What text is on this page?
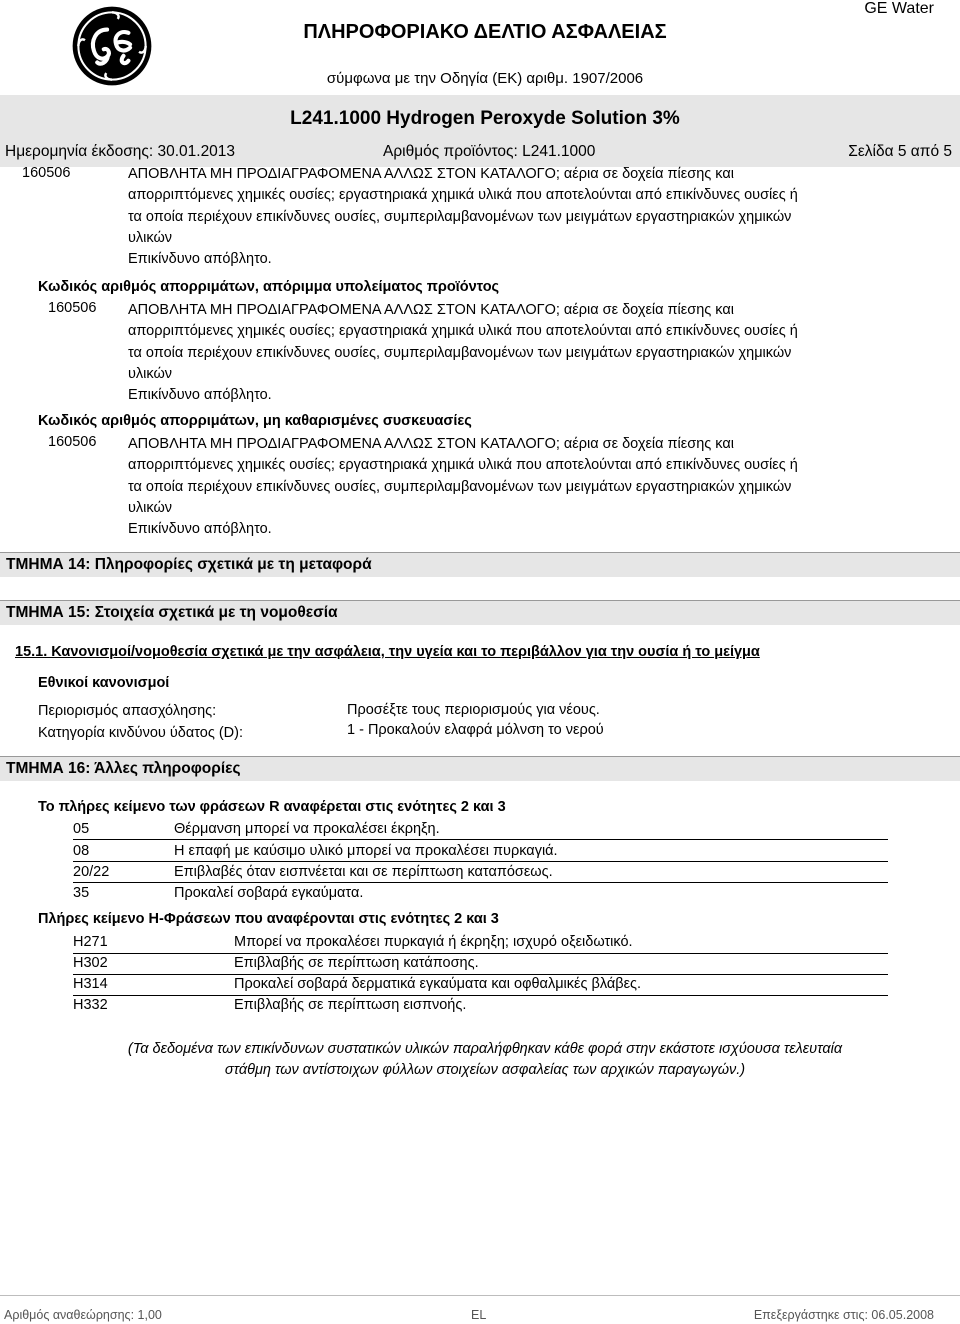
GE Water
ΠΛΗΡΟΦΟΡΙΑΚΟ ΔΕΛΤΙΟ ΑΣΦΑΛΕΙΑΣ
σύμφωνα με την Οδηγία (ΕΚ) αριθμ. 1907/2006
L241.1000 Hydrogen Peroxyde Solution 3%
Ημερομηνία έκδοσης: 30.01.2013	Αριθμός προϊόντος: L241.1000	Σελίδα 5 από 5
160506	ΑΠΟΒΛΗΤΑ ΜΗ ΠΡΟΔΙΑΓΡΑΦΟΜΕΝΑ ΑΛΛΩΣ ΣΤΟΝ ΚΑΤΑΛΟΓΟ; αέρια σε δοχεία πίεσης και
απορριπτόμενες χημικές ουσίες; εργαστηριακά χημικά υλικά που αποτελούνται από επικίνδυνες ουσίες ή
τα οποία περιέχουν επικίνδυνες ουσίες, συμπεριλαμβανομένων των μειγμάτων εργαστηριακών χημικών
υλικών
Επικίνδυνο απόβλητο.
Κωδικός αριθμός απορριμάτων, απόριμμα υπολείματος προϊόντος
160506 ΑΠΟΒΛΗΤΑ ΜΗ ΠΡΟΔΙΑΓΡΑΦΟΜΕΝΑ ΑΛΛΩΣ ΣΤΟΝ ΚΑΤΑΛΟΓΟ; αέρια σε δοχεία πίεσης και
απορριπτόμενες χημικές ουσίες; εργαστηριακά χημικά υλικά που αποτελούνται από επικίνδυνες ουσίες ή
τα οποία περιέχουν επικίνδυνες ουσίες, συμπεριλαμβανομένων των μειγμάτων εργαστηριακών χημικών
υλικών
Επικίνδυνο απόβλητο.
Κωδικός αριθμός απορριμάτων, μη καθαρισμένες συσκευασίες
160506 ΑΠΟΒΛΗΤΑ ΜΗ ΠΡΟΔΙΑΓΡΑΦΟΜΕΝΑ ΑΛΛΩΣ ΣΤΟΝ ΚΑΤΑΛΟΓΟ; αέρια σε δοχεία πίεσης και
απορριπτόμενες χημικές ουσίες; εργαστηριακά χημικά υλικά που αποτελούνται από επικίνδυνες ουσίες ή
τα οποία περιέχουν επικίνδυνες ουσίες, συμπεριλαμβανομένων των μειγμάτων εργαστηριακών χημικών
υλικών
Επικίνδυνο απόβλητο.
ΤΜΗΜΑ 14: Πληροφορίες σχετικά με τη μεταφορά
ΤΜΗΜΑ 15: Στοιχεία σχετικά με τη νομοθεσία
15.1. Κανονισμοί/νομοθεσία σχετικά με την ασφάλεια, την υγεία και το περιβάλλον για την ουσία ή το μείγμα
Εθνικοί κανονισμοί
Περιορισμός απασχόλησης:	Προσέξτε τους περιορισμούς για νέους.
Κατηγορία κινδύνου ύδατος (D):	1 - Προκαλούν ελαφρά μόλνση το νερού
ΤΜΗΜΑ 16: Άλλες πληροφορίες
Το πλήρες κείμενο των φράσεων R αναφέρεται στις ενότητες 2 και 3
05	Θέρμανση μπορεί να προκαλέσει έκρηξη.
08	Η επαφή με καύσιμο υλικό μπορεί να προκαλέσει πυρκαγιά.
20/22	Επιβλαβές όταν εισπνέεται και σε περίπτωση καταπόσεως.
35	Προκαλεί σοβαρά εγκαύματα.
Πλήρες κείμενο Η-Φράσεων που αναφέρονται στις ενότητες 2 και 3
H271	Μπορεί να προκαλέσει πυρκαγιά ή έκρηξη; ισχυρό οξειδωτικό.
H302	Επιβλαβής σε περίπτωση κατάποσης.
H314	Προκαλεί σοβαρά δερματικά εγκαύματα και οφθαλμικές βλάβες.
H332	Επιβλαβής σε περίπτωση εισπνοής.
(Τα δεδομένα των επικίνδυνων συστατικών υλικών παραλήφθηκαν κάθε φορά στην εκάστοτε ισχύουσα τελευταία
στάθμη των αντίστοιχων φύλλων στοιχείων ασφαλείας των αρχικών παραγωγών.)
Αριθμός αναθεώρησης: 1,00	EL	Επεξεργάστηκε στις: 06.05.2008
